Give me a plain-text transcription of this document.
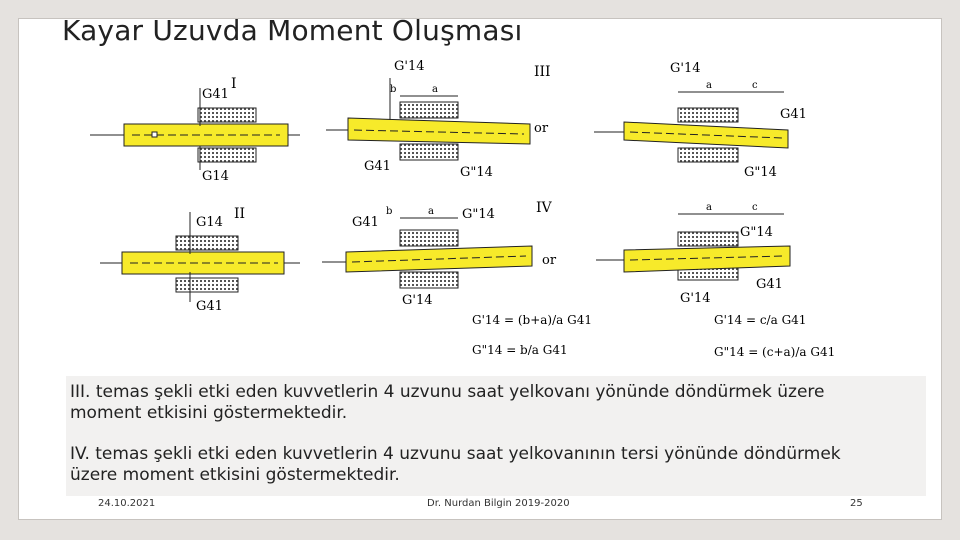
Kayar Uzuvda Moment Oluşması
I
G41
G14
II
G14
G41
b	a
III
or
G'14
G"14
G41
b	a	IV
or
G41
G"14
G'14
a	c
G'14
G"14
G41
a	c
G"14
G'14
G41
G'14 = (b+a)/a G41
G"14 = b/a G41
G'14 = c/a G41
G"14 = (c+a)/a G41
III. temas şekli etki eden kuvvetlerin 4 uzvunu saat yelkovanı yönünde döndürmek üzere moment etkisini göstermektedir.
IV. temas şekli etki eden kuvvetlerin 4 uzvunu saat yelkovanının tersi yönünde döndürmek üzere moment etkisini göstermektedir.
24.10.2021	Dr. Nurdan Bilgin 2019-2020	25
